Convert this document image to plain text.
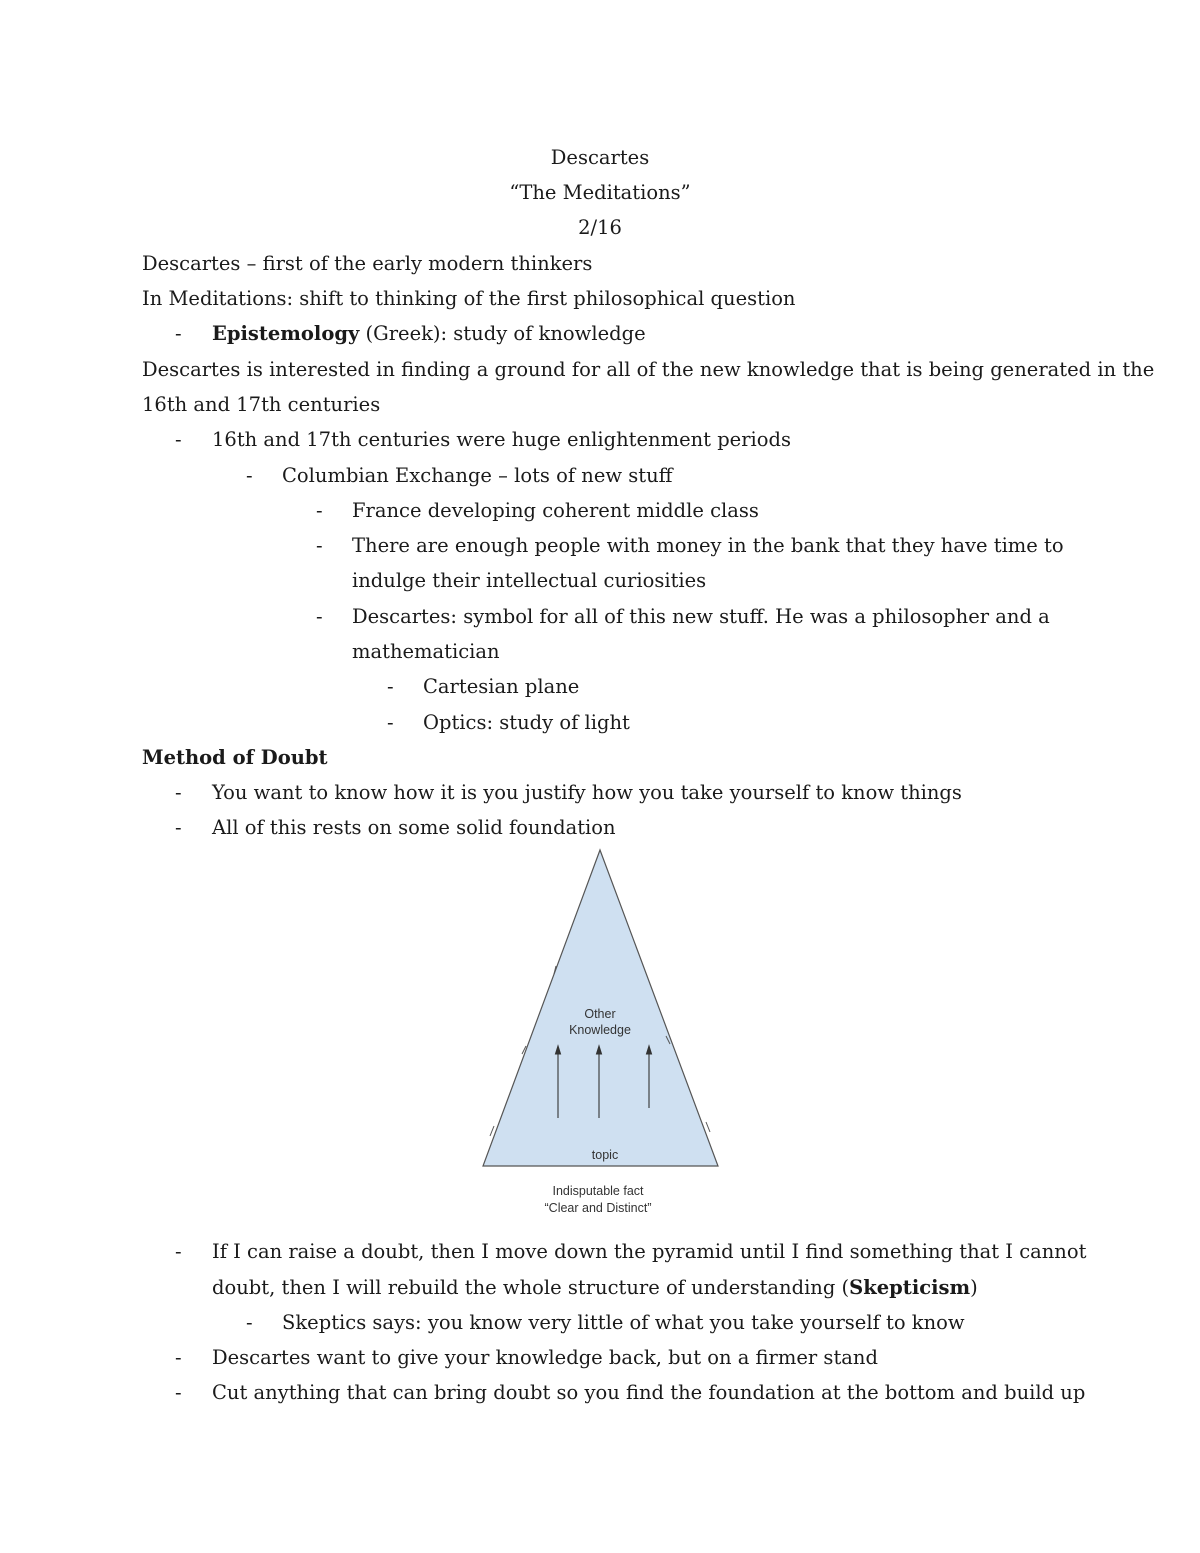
Descartes
“The Meditations”
2/16
Descartes – first of the early modern thinkers
In Meditations: shift to thinking of the first philosophical question
- Epistemology (Greek): study of knowledge
Descartes is interested in finding a ground for all of the new knowledge that is being generated in the
16th and 17th centuries
- 16th and 17th centuries were huge enlightenment periods
- Columbian Exchange – lots of new stuff
- France developing coherent middle class
- There are enough people with money in the bank that they have time to
indulge their intellectual curiosities
- Descartes: symbol for all of this new stuff. He was a philosopher and a
mathematician
- Cartesian plane
- Optics: study of light
Method of Doubt
- You want to know how it is you justify how you take yourself to know things
- All of this rests on some solid foundation
Other
Knowledge
topic
Indisputable fact
“Clear and Distinct”
- If I can raise a doubt, then I move down the pyramid until I find something that I cannot
doubt, then I will rebuild the whole structure of understanding (Skepticism)
- Skeptics says: you know very little of what you take yourself to know
- Descartes want to give your knowledge back, but on a firmer stand
- Cut anything that can bring doubt so you find the foundation at the bottom and build up
